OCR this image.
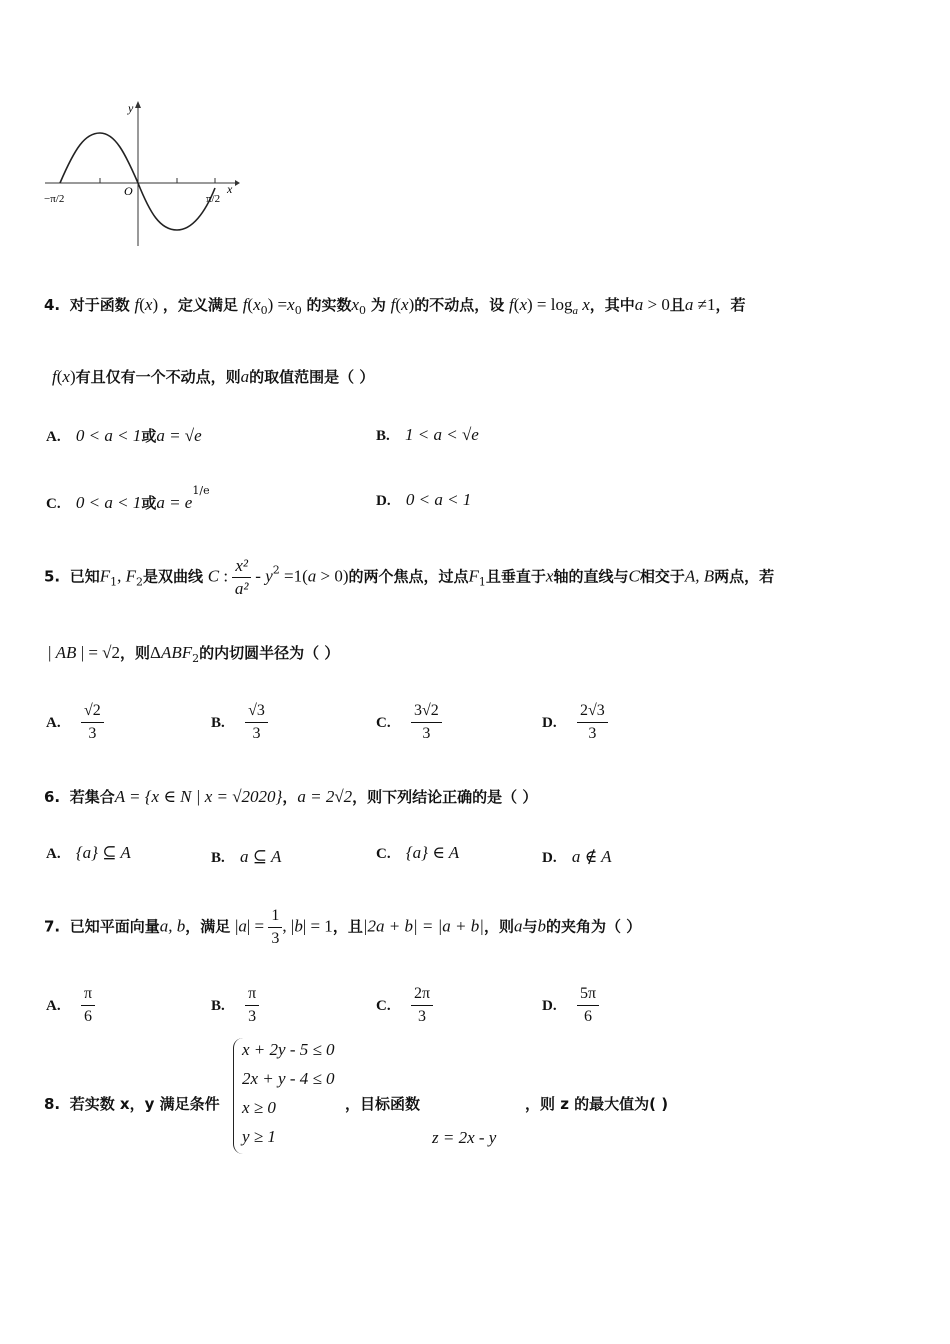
y
x
O
−π/2	π/2
4. 对于函数 f(x) ，定义满足 $f(x_0) =x_0$ 的实数$x_0$ 为 f(x)的不动点，设 $f(x) = \log_a x$，其中a > 0且a ≠1，若
f(x)有且仅有一个不动点，则a的取值范围是（ ）
A. 0 < a < 1或a = √e	B. 1 < a < √e
C. 0 < a < 1或$a = e^{1/e}$
D. 0 < a < 1
5. 已知$F_1$, $F_2$是双曲线 C : $\frac{\text{x²}}{\text{a²}} - y^2 =1(a > 0)$的两个焦点，过点$F_1$且垂直于x轴的直线与C相交于A, B两点，若
| AB | = √2，则$\Delta ABF_2$的内切圆半径为（ ）
A. $\frac{√2}{3}$	B. $\frac{√3}{3}$	C. $\frac{3√2}{3}$	D. $\frac{2√3}{3}$
6. 若集合A = {x ∈ N | x = √2020}，a = 2√2，则下列结论正确的是（ ）
A. {a} ⊆ A	B. a ⊆ A	C. {a} ∈ A	D. a ∉ A
7. 已知平面向量a, b，满足 $|a| = \frac{1}{3}$ , |b| = 1，且|2a + b| = |a + b|，则a与b的夹角为（ ）
A. $\frac{\pi}{6}$	B. $\frac{\pi}{3}$	C. $\frac{2\pi}{3}$	D. $\frac{5\pi}{6}$
8. 若实数 x，y 满足条件
x + 2y - 5 ≤ 0
2x + y - 4 ≤ 0
x ≥ 0
y ≥ 1
，目标函数	，则 z 的最大值为( )
z = 2x - y
